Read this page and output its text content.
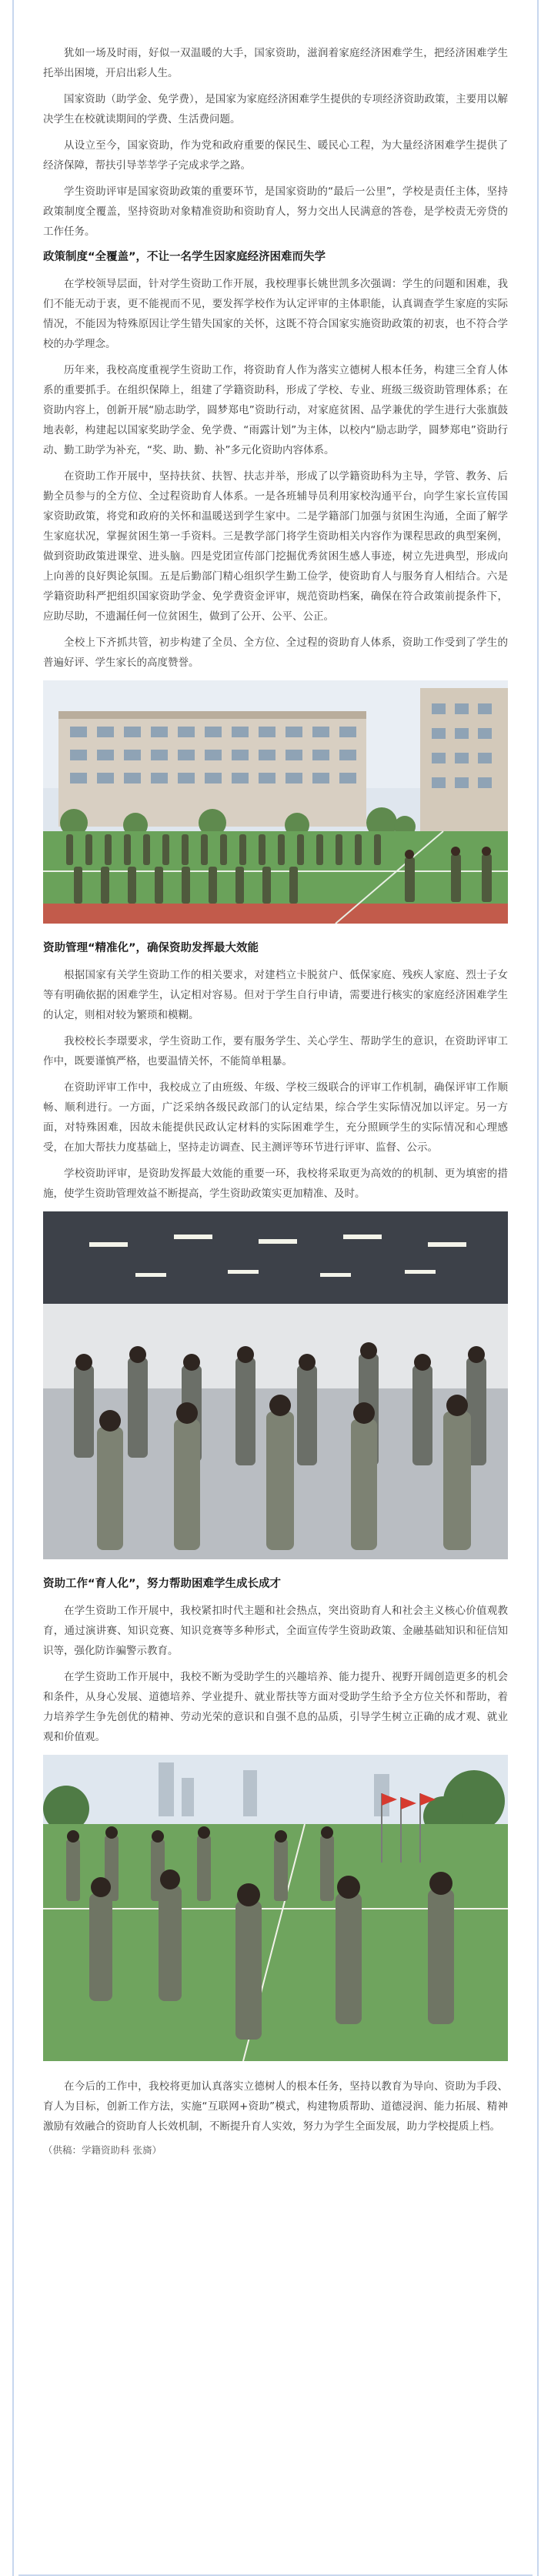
犹如一场及时雨，好似一双温暖的大手，国家资助，滋润着家庭经济困难学生，把经济困难学生托举出困境，开启出彩人生。

国家资助（助学金、免学费），是国家为家庭经济困难学生提供的专项经济资助政策，主要用以解决学生在校就读期间的学费、生活费问题。

从设立至今，国家资助，作为党和政府重要的保民生、暖民心工程，为大量经济困难学生提供了经济保障，帮扶引导莘莘学子完成求学之路。

学生资助评审是国家资助政策的重要环节，是国家资助的“最后一公里”，学校是责任主体，坚持政策制度全覆盖，坚持资助对象精准资助和资助育人，努力交出人民满意的答卷，是学校责无旁贷的工作任务。

政策制度“全覆盖”，不让一名学生因家庭经济困难而失学

在学校领导层面，针对学生资助工作开展，我校理事长姚世凯多次强调：学生的问题和困难，我们不能无动于衷，更不能视而不见，要发挥学校作为认定评审的主体职能，认真调查学生家庭的实际情况，不能因为特殊原因让学生错失国家的关怀，这既不符合国家实施资助政策的初衷，也不符合学校的办学理念。

历年来，我校高度重视学生资助工作，将资助育人作为落实立德树人根本任务，构建三全育人体系的重要抓手。在组织保障上，组建了学籍资助科，形成了学校、专业、班级三级资助管理体系；在资助内容上，创新开展“励志助学，圆梦郑电”资助行动，对家庭贫困、品学兼优的学生进行大张旗鼓地表彰，构建起以国家奖助学金、免学费、“雨露计划”为主体，以校内“励志助学，圆梦郑电”资助行动、勤工助学为补充，“奖、助、勤、补”多元化资助内容体系。

在资助工作开展中，坚持扶贫、扶智、扶志并举，形成了以学籍资助科为主导，学管、教务、后勤全员参与的全方位、全过程资助育人体系。一是各班辅导员利用家校沟通平台，向学生家长宣传国家资助政策，将党和政府的关怀和温暖送到学生家中。二是学籍部门加强与贫困生沟通，全面了解学生家庭状况，掌握贫困生第一手资料。三是教学部门将学生资助相关内容作为课程思政的典型案例，做到资助政策进课堂、进头脑。四是党团宣传部门挖掘优秀贫困生感人事迹，树立先进典型，形成向上向善的良好舆论氛围。五是后勤部门精心组织学生勤工俭学，使资助育人与服务育人相结合。六是学籍资助科严把组织国家资助学金、免学费资金评审，规范资助档案，确保在符合政策前提条件下，应助尽助，不遗漏任何一位贫困生，做到了公开、公平、公正。

全校上下齐抓共管，初步构建了全员、全方位、全过程的资助育人体系，资助工作受到了学生的普遍好评、学生家长的高度赞誉。

资助管理“精准化”，确保资助发挥最大效能

根据国家有关学生资助工作的相关要求，对建档立卡脱贫户、低保家庭、残疾人家庭、烈士子女等有明确依据的困难学生，认定相对容易。但对于学生自行申请，需要进行核实的家庭经济困难学生的认定，则相对较为繁琐和模糊。

我校校长李璟要求，学生资助工作，要有服务学生、关心学生、帮助学生的意识，在资助评审工作中，既要谨慎严格，也要温情关怀，不能简单粗暴。

在资助评审工作中，我校成立了由班级、年级、学校三级联合的评审工作机制，确保评审工作顺畅、顺利进行。一方面，广泛采纳各级民政部门的认定结果，综合学生实际情况加以评定。另一方面，对特殊困难，因故未能提供民政认定材料的实际困难学生，充分照顾学生的实际情况和心理感受，在加大帮扶力度基础上，坚持走访调查、民主测评等环节进行评审、监督、公示。

学校资助评审，是资助发挥最大效能的重要一环，我校将采取更为高效的的机制、更为填密的措施，使学生资助管理效益不断提高，学生资助政策实更加精准、及时。

资助工作“育人化”，努力帮助困难学生成长成才

在学生资助工作开展中，我校紧扣时代主题和社会热点，突出资助育人和社会主义核心价值观教育，通过演讲赛、知识竞赛、知识竞赛等多种形式，全面宣传学生资助政策、金融基础知识和征信知识等，强化防诈骗警示教育。

在学生资助工作开展中，我校不断为受助学生的兴趣培养、能力提升、视野开阔创造更多的机会和条件，从身心发展、道德培养、学业提升、就业帮扶等方面对受助学生给予全方位关怀和帮助，着力培养学生争先创优的精神、劳动光荣的意识和自强不息的品质，引导学生树立正确的成才观、就业观和价值观。

在今后的工作中，我校将更加认真落实立德树人的根本任务，坚持以教育为导向、资助为手段、育人为目标，创新工作方法，实施“互联网+资助”模式，构建物质帮助、道德浸润、能力拓展、精神激励有效融合的资助育人长效机制，不断提升育人实效，努力为学生全面发展，助力学校提质上档。

（供稿：学籍资助科 张旖）
